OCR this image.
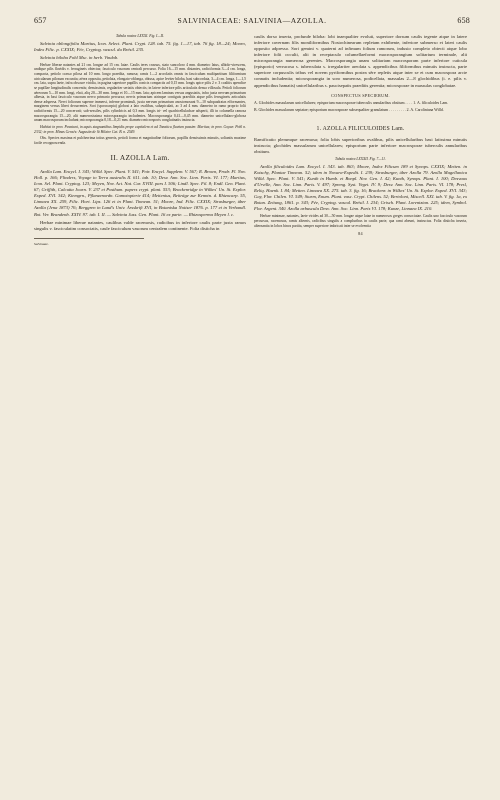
657	SALVINIACEAE: SALVINIA—AZOLLA.	658

Tabula nostra LXXXI. Fig. I—II.

Salvinia oblongifolia Martius, Icon. Select. Plant. Crypt. 128. tab. 75. fig. 1—17, tab. 76 fig. 18—24; Mooro, Index Filic. p. CXXIX; Fée, Cryptog. vascul. du Brésil. 235.

Salvinia biloba Fohl Msc. in herb. Vindob.

Herbae liberae natantes ad 21 cm. longae ad 15 cm. latae. Caulis teres crassus, stato suncoloro 4 mm. diametro latus, albido-virescens, undique pilis flavidis v. ferrugineis obtectus; fasciculo vasorum centrali percurso. Folia 16—15 mm. distantes, radiciformia 3—4 cm. longa, compacta, petiolo crasso pilosa ad 10 mm. longo praedita, ramosa; ramis 1—2 arcrolatis omnis in fasciculum multipartitum filiformium utricularum pilosum excuntia; aërea opposita, petiolata, elongato-oblonga, obtusa, apice leviter biloba, basi subcordata, 3—4 cm. longa, 1—1,5 cm. lata, supra laete, infra obscure viridia, in pagina superiore papillis conicis compactis ad 0,15 mm. longis apice pilis 2 v. 3 coalitis apendice se papillae longitudinalis concentis; densissimis, regulariter seriatis obtectis; in latere inferiore pilis articulatis densa villosula. Petioli foliorum aëreorum 5—10 mm. longi, elati, aliq 20—30 mm. longa et 10—15 mm. lata; apicem laminas versus angustatis, infra juxta nervum primarium albesta, in basi fasciculo vasorum nervo primario percursa; nervis primarium utrinque contiguis praeditis atque pilis ferrugineis articulatis dense adspersa. Nervi foliorum superne immersi, inferne prominuli, juxta nervum primarium anostomosant 9—10 subquadratas efformantes, marginem versus liberi decurrentes. Sori (sporocarpia) globosi a lato ovalibus, subapiculati, ac 3 ad 4 mm. diametro in ramo proprio folii radiciformis 15—20 concervati; sub-sessiles, pilis cylindricis ad 0,3 mm. longis tri- vel quadricellulachae adsperii, illi in columella ramosa macrosporangia 15—20, alii numerosissima microsporangia includentes. Macrosporangia 0,41—0,45 mm. diametro unicellularo-globosa unum macrosporum includunt; microsporangia 0,18—0,21 mm. diametro microsporis conglutinatis instructa.

Habitat in prov. Pavatuni, in aquis stagnantibus limpidis prope capitalem et ad Tonaticu fluvium passim: Martius; in prov. Goyaz: Pohl n. 2332; in prov. Minas Geraës: Augustin de St Hilaire Cat. B. n. 2549.

Obs. Species maxima et pulcherrima totius generis, petioli forma et magnitudine foliorum, papillis densissimis minutis, soliantis maxime facile recognoscenda.

II. AZOLLA Lam.

Azolla Lam. Encycl. I. 343; Willd. Spec. Plant. V. 541; Poir. Encycl. Supplem. V. 567; R. Brown, Prodr. Fl. Nov. Holl. p. 166; Flinders, Voyage to Terra australis II. 611. tab. 10; Desv. Ann. Soc. Linn. Paris. VI. 177; Martius, Icon. Sel. Plant. Cryptog. 123; Meyen, Nov. Act. Nat. Cur. XVIII. pars I. 506; Lindl. Spec. Fil. 8; Endl. Gen. Plant. 67; Griffith, Calcutta Journ. V. 237 et Posthum. papers crypt. plant. 553; Brackenridge in Wilkes' Un. St. Explor. Exped. XVI. 342; Kiemgrn., Pflanzenordn. Gamotopterie 414; Mettenius, Beiträge zur Kenntn. d. Rhizocarp. 55, Linnaea XX. 259, Filic. Hort. Lips. 126 et in Plant. Tinnean. 51; Moore, Ind. Filic. CXXIX; Strasburger, über Azolla (Jena 1873) 76; Berggren in Lund's Univ. Årsskrift XVI, in Botaniska Notiser 1876. p. 177 et in Verhandl. Bot. Ver. Brandenb. XXIV. 97. tab. I. II. — Salvinia Juss. Gen. Plant. 16 ex parte. — Rhizosperma Meyen l. c.

Herbae minimae liberae natantes, caulibus valde racemosis, radicibus in inferiore caulis parte juxta ramos singulis v. fasciculatim consociatis, caule fasciculum vasorum centralem continente. Folia disticha in

Salvinaae.

caulis dorso inserta, profunde biloba: lobi inaequaliter evoluti, superiore dorsum caulis tegente atque in latere inferiore cavernam filis moniliformibus Nostochinearum repletam exhibente, inferiore submerso et lateri caulis opposito adpresso. Sori gemini v. quaterni ad infimum folium ramorum, indusio completo obtecti atque lobo inferiore folii occulti, alii in receptaculo columellaeformi macrosporangium solitarium terminale, alii microsporangia numerosa gerentes. Macrosporangia unam solitariam macrosporam parte inferiore cuticula (episporio) verrucosa s. tuberculata s. irregulariter areolata s. appendicibus filiformibus minutis instructa, parte superiore corpusculis tribus vel novem pyriformibus postea sēre repletis atque inter se et cum macrospora arcte connatis includentia; microsporangia in soro numerosa, podicellata, massulas 2—8 glochidibus (i. e. pilis v. appendicibus hamatis) unicellularibus s. paucisepatis praeditis gerentia; microsporae in massulas conglobatae.

CONSPECTUS SPECIERUM.

A. Glochides massularum unicellulares; episporium macrosporae tuberculis annularibus obsitum . . . . 1. A. filiculoides Lam.

B. Glochides massularum septatae; episporium macrosporae subsequaliter granulatum . . . . . . . . . 2. A. Caroliniana Willd.

1. AZOLLA FILICULOIDES Lam.

Ramificatio plerumque racemosa; folia lobis superioribus ovalibus, pilis unicellularibus basi latissima minutis instructa; glochides massularum unicellulares; episporium parte inferiore macrosporae tuberculis annularibus obsitum.

Tabula nostra LXXXII. Fig. 7—11.

Azolla filiculoides Lam. Encycl. I. 343. tab. 863; Moore, Index Filicum 189 et Synops. CXXIX; Metten. in Kotschy, Plantae Tinnean. 52; idem in Novara-Expedit. I. 239; Strasburger, über Azolla 79. Azolla Magellanica Willd. Spec. Plant. V. 541; Kunth in Humb. et Bonpl. Nov. Gen. I. 42; Kunth, Synops. Plant. I. 100; Desvaux d'Urville, Ann. Soc. Linn. Paris. V. 497; Spreng. Syst. Veget. IV. 9; Desv. Ann. Soc. Linn. Paris. VI. 178; Presl, Reliq. Haenk. I. 84; Metten. Linnaea XX. 275. tab. 3. fig. 16; Brackenr. in Wilkes' Un. St. Explor. Exped. XVI. 343; Gay, Flor. Chilen. VI. 549; Sturm, Enum. Plant. vasc. Crypt. Chilens. 52; Bertoloni, Miscell. XXI. tab. V. fig. 1a, ex Botan. Zeitung, 1861. p. 343; Fée, Cryptog. vascul. Brésil. I. 234; Grisch. Plant. Lorentzian. 225; idem, Symbol. Flor. Argent. 340. Azolla arbuscula Desv. Ann. Soc. Linn. Paris VI. 178; Kunze, Linnaea IX. 210.

Herbae minimae, natantes, laete virides ad 30—50 mm. longae atque latae in numerosos greges consociatae. Caulis uno fasciculo vasorum percursus, racemosus, ramis alternis, radicibus singulis a compluribus in caulis parte, qua rami abeunt, instructus. Folia disticha inserta, alternantia in lobos binos partita, semper superiore imbricati inter se evolventia

84
